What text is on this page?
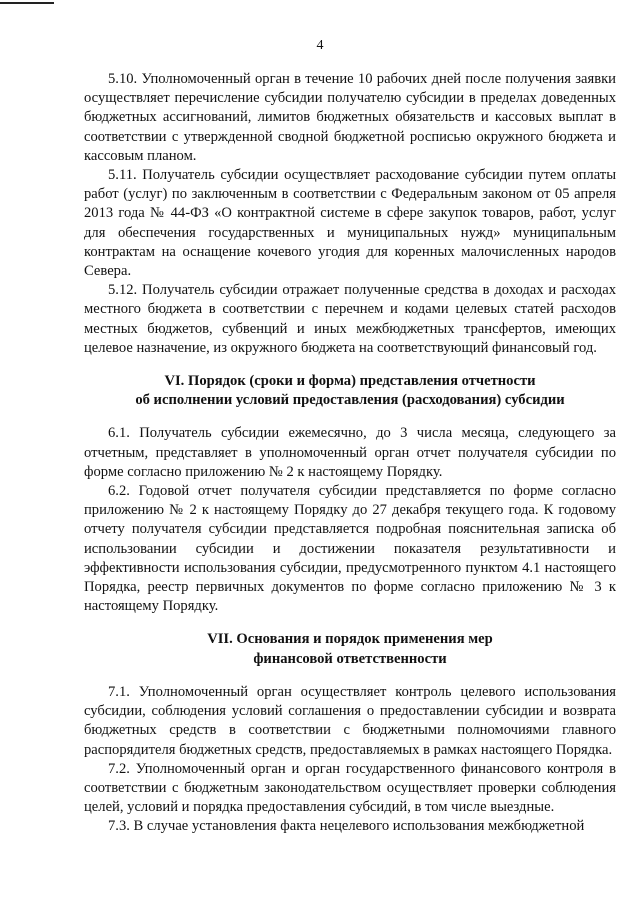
4

5.10. Уполномоченный орган в течение 10 рабочих дней после получения заявки осуществляет перечисление субсидии получателю субсидии в пределах доведенных бюджетных ассигнований, лимитов бюджетных обязательств и кассовых выплат в соответствии с утвержденной сводной бюджетной росписью окружного бюджета и кассовым планом.

5.11. Получатель субсидии осуществляет расходование субсидии путем оплаты работ (услуг) по заключенным в соответствии с Федеральным законом от 05 апреля 2013 года № 44-ФЗ «О контрактной системе в сфере закупок товаров, работ, услуг для обеспечения государственных и муниципальных нужд» муниципальным контрактам на оснащение кочевого угодия для коренных малочисленных народов Севера.

5.12. Получатель субсидии отражает полученные средства в доходах и расходах местного бюджета в соответствии с перечнем и кодами целевых статей расходов местных бюджетов, субвенций и иных межбюджетных трансфертов, имеющих целевое назначение, из окружного бюджета на соответствующий финансовый год.

VI. Порядок (сроки и форма) представления отчетности
об исполнении условий предоставления (расходования) субсидии

6.1. Получатель субсидии ежемесячно, до 3 числа месяца, следующего за отчетным, представляет в уполномоченный орган отчет получателя субсидии по форме согласно приложению № 2 к настоящему Порядку.

6.2. Годовой отчет получателя субсидии представляется по форме согласно приложению № 2 к настоящему Порядку до 27 декабря текущего года. К годовому отчету получателя субсидии представляется подробная пояснительная записка об использовании субсидии и достижении показателя результативности и эффективности использования субсидии, предусмотренного пунктом 4.1 настоящего Порядка, реестр первичных документов по форме согласно приложению № 3 к настоящему Порядку.

VII. Основания и порядок применения мер
финансовой ответственности

7.1. Уполномоченный орган осуществляет контроль целевого использования субсидии, соблюдения условий соглашения о предоставлении субсидии и возврата бюджетных средств в соответствии с бюджетными полномочиями главного распорядителя бюджетных средств, предоставляемых в рамках настоящего Порядка.

7.2. Уполномоченный орган и орган государственного финансового контроля в соответствии с бюджетным законодательством осуществляет проверки соблюдения целей, условий и порядка предоставления субсидий, в том числе выездные.

7.3. В случае установления факта нецелевого использования межбюджетной
